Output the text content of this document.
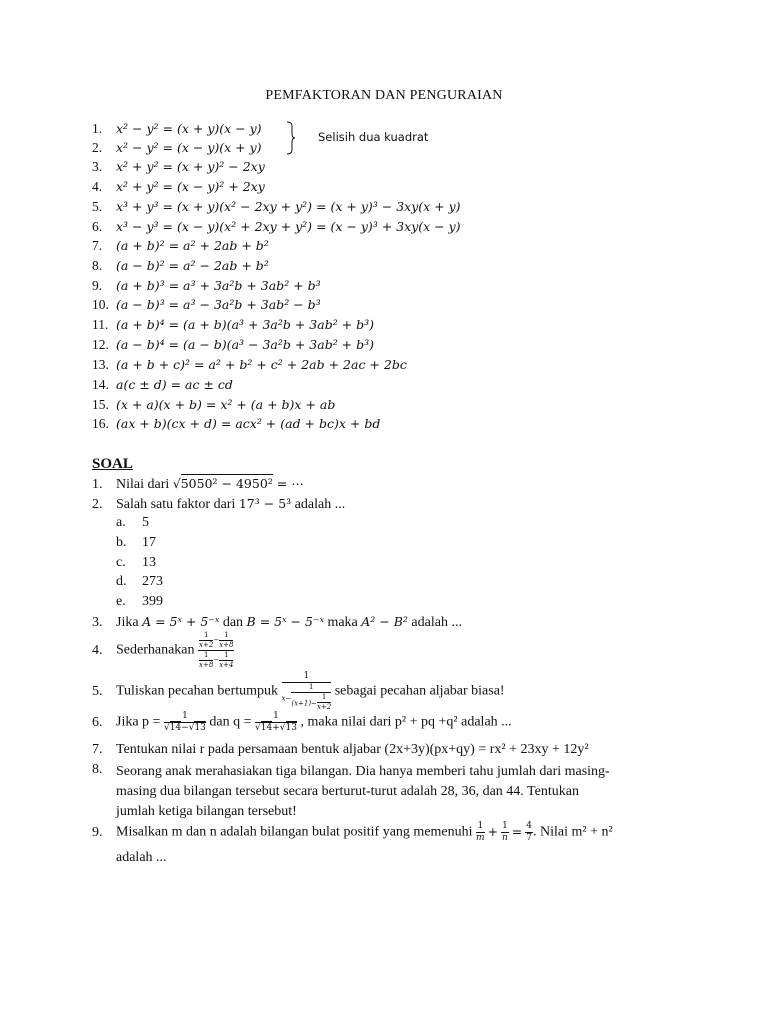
PEMFAKTORAN DAN PENGURAIAN
1. x² − y² = (x + y)(x − y)
2. x² − y² = (x − y)(x + y)
3. x² + y² = (x + y)² − 2xy
4. x² + y² = (x − y)² + 2xy
5. x³ + y³ = (x + y)(x² − 2xy + y²) = (x + y)³ − 3xy(x + y)
6. x³ − y³ = (x − y)(x² + 2xy + y²) = (x − y)³ + 3xy(x − y)
7. (a + b)² = a² + 2ab + b²
8. (a − b)² = a² − 2ab + b²
9. (a + b)³ = a³ + 3a²b + 3ab² + b³
10. (a − b)³ = a³ − 3a²b + 3ab² − b³
11. (a + b)⁴ = (a + b)(a³ + 3a²b + 3ab² + b³)
12. (a − b)⁴ = (a − b)(a³ − 3a²b + 3ab² + b³)
13. (a + b + c)² = a² + b² + c² + 2ab + 2ac + 2bc
14. a(c ± d) = ac ± cd
15. (x + a)(x + b) = x² + (a + b)x + ab
16. (ax + b)(cx + d) = acx² + (ad + bc)x + bd
Selisih dua kuadrat
SOAL
1. Nilai dari √5050² − 4950² = ⋯
2. Salah satu faktor dari 17³ − 5³ adalah ...
a. 5
b. 17
c. 13
d. 273
e. 399
3. Jika A = 5ˣ + 5⁻ˣ dan B = 5ˣ − 5⁻ˣ maka A² − B² adalah ...
4. Sederhanakan $\frac{\frac{1}{x+2} - \frac{1}{x+8}}{\frac{1}{x+8} - \frac{1}{x+4}}$
5. Tuliskan pecahan bertumpuk $\frac{1}{x- \frac{1}{(x+1)- \frac{1}{x+2}}}$ sebagai pecahan aljabar biasa!
6. Jika $p = \frac{1}{√14-√13}$ dan $q = \frac{1}{√14+√13}$ , maka nilai dari p² + pq +q² adalah ...
7. Tentukan nilai r pada persamaan bentuk aljabar (2x+3y)(px+qy) = rx² + 23xy + 12y²
8. Seorang anak merahasiakan tiga bilangan. Dia hanya memberi tahu jumlah dari masing-
masing dua bilangan tersebut secara berturut-turut adalah 28, 36, dan 44. Tentukan
jumlah ketiga bilangan tersebut!
9. Misalkan m dan n adalah bilangan bulat positif yang memenuhi $\frac{1}{m} + \frac{1}{n} = \frac{4}{7}$ . Nilai m² + n²
adalah ...
